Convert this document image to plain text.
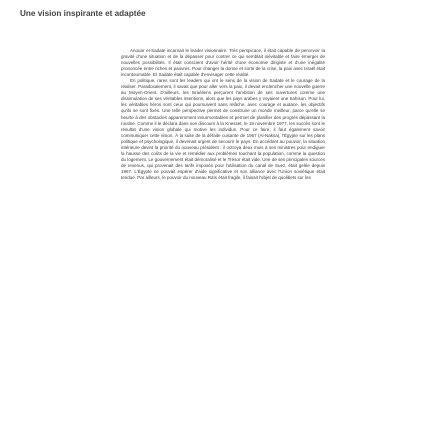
Une vision inspirante et adaptée

Anouar el-Sadate incarnait le leader visionnaire. Très perspicace, il était capable de percevoir la gravité d'une situation et de la dépasser pour contrer ce qui semblait inévitable et faire émerger de nouvelles possibilités. Il était conscient d'avoir hérité d'une économie dirigiste et d'une inégalité prononcée entre riches et pauvres. Pour changer la donne et sortir de la crise, la paix avec Israël était incontournable. Et Sadate était capable d'envisager cette réalité.

En politique, rares sont les leaders qui ont le sens de la vision de Sadate et le courage de la réaliser. Paradoxalement, il savait que pour aller vers la paix, il devait enclencher une nouvelle guerre au Moyen-Orient. D'ailleurs, les Israéliens perçurent l'ambition de ses ouvertures comme une dissimulation de ses véritables intentions, alors que les pays arabes y voyaient une trahison. Pour lui, les véritables héros sont ceux qui poursuivent sans relâche, avec courage et audace, les objectifs qu'ils se sont fixés. Une telle perspective permet de construire un monde meilleur, parce qu'elle se heurte à des obstacles apparemment insurmontables et permet de planifier des progrès dépassant la routine. Comme il le déclara dans son discours à la Knesset, le 19 novembre 1977, les succès sont le résultat d'une vision globale qui motive les individus. Pour ce faire, il faut également savoir communiquer cette vision. À la suite de la défaite cuisante de 1967 (Al-Naksa), l'Égypte sur les plans politique et psychologique, il devenait urgent de secourir le pays. En accédant au pouvoir, la situation intérieure devint la priorité du nouveau président : il octroya deux mois à ses ministres pour endiguer la hausse des coûts de la vie et remédier aux problèmes touchant la population, comme la question du logement. Le gouvernement était démoralisé et le Trésor était vide. Une de ses principales sources de revenus, qui provenait des tarifs imposés pour l'utilisation du canal de Suez, était gelée depuis 1967. L'Égypte ne pouvait espérer d'aide significative et son alliance avec l'Union soviétique était tendue. Par ailleurs, le pouvoir du nouveau Raïs était fragile, il faisait l'objet de quolibets sur les
